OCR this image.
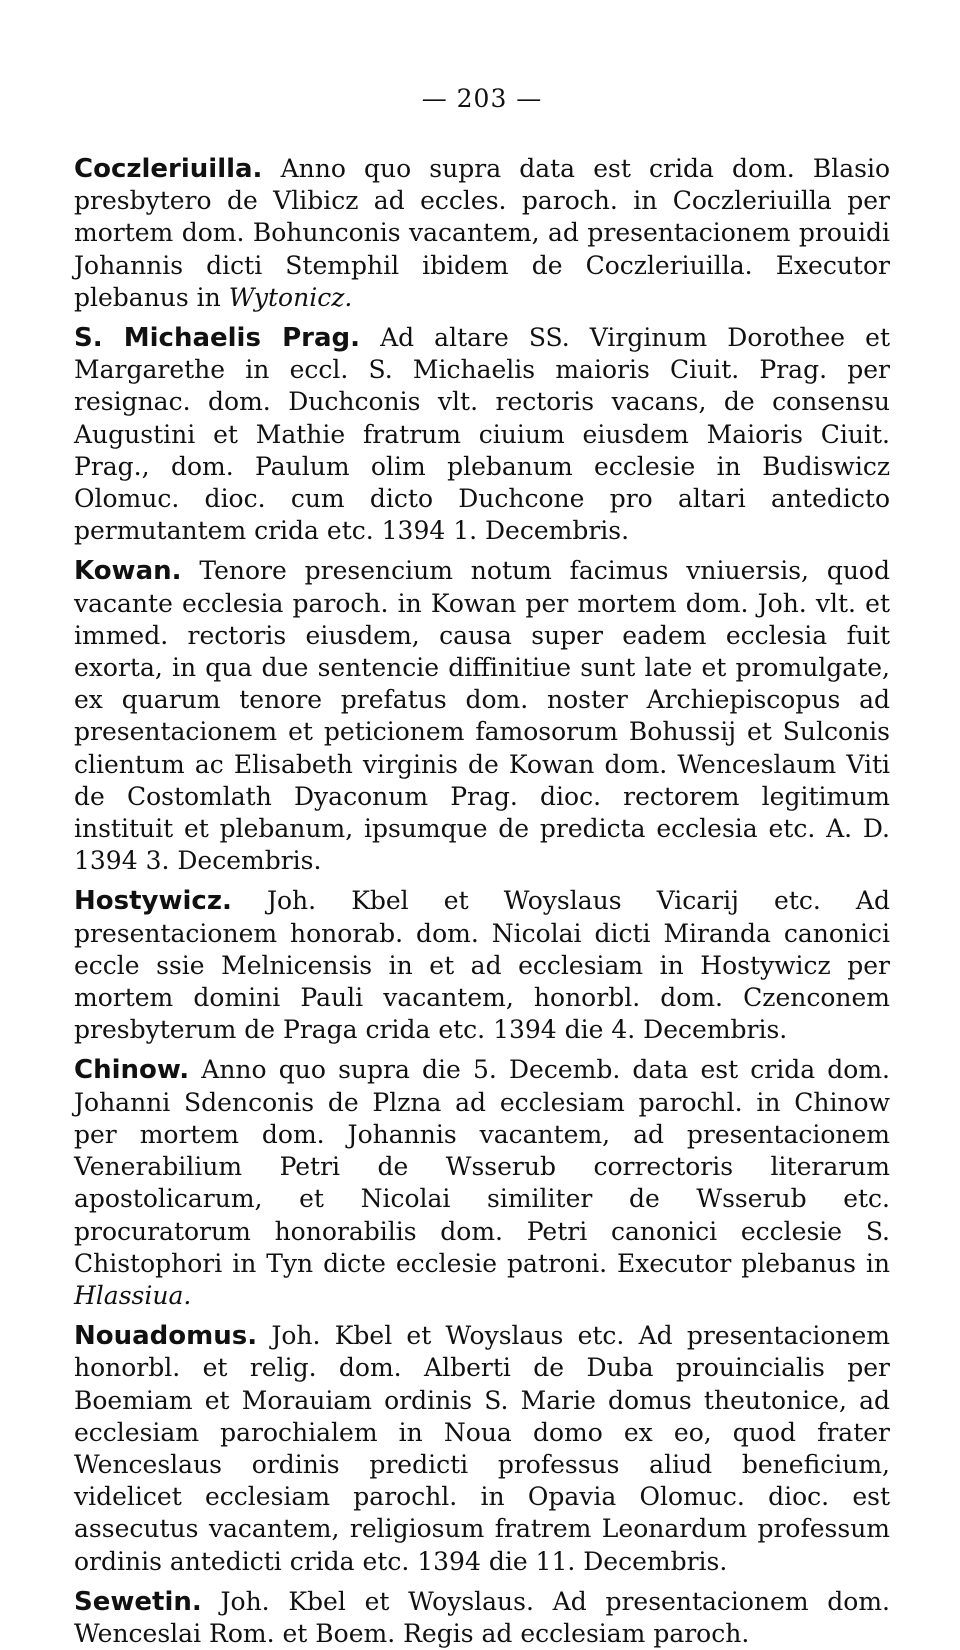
— 203 —
Coczleriuilla. Anno quo supra data est crida dom. Blasio presbytero de Vlibicz ad eccles. paroch. in Coczleriuilla per mortem dom. Bohunconis vacantem, ad presentacionem prouidi Johannis dicti Stemphil ibidem de Coczleriuilla. Executor plebanus in Wytonicz.
S. Michaelis Prag. Ad altare SS. Virginum Dorothee et Margarethe in eccl. S. Michaelis maioris Ciuit. Prag. per resignac. dom. Duchconis vlt. rectoris vacans, de consensu Augustini et Mathie fratrum ciuium eiusdem Maioris Ciuit. Prag., dom. Paulum olim plebanum ecclesie in Budiswicz Olomuc. dioc. cum dicto Duchcone pro altari antedicto permutantem crida etc. 1394 1. Decembris.
Kowan. Tenore presencium notum facimus vniuersis, quod vacante ecclesia paroch. in Kowan per mortem dom. Joh. vlt. et immed. rectoris eiusdem, causa super eadem ecclesia fuit exorta, in qua due sentencie diffinitiue sunt late et promulgate, ex quarum tenore prefatus dom. noster Archiepiscopus ad presentacionem et peticionem famosorum Bohussij et Sulconis clientum ac Elisabeth virginis de Kowan dom. Wenceslaum Viti de Costomlath Dyaconum Prag. dioc. rectorem legitimum instituit et plebanum, ipsumque de predicta ecclesia etc. A. D. 1394 3. Decembris.
Hostywicz. Joh. Kbel et Woyslaus Vicarij etc. Ad presentacionem honorab. dom. Nicolai dicti Miranda canonici eccle ssie Melnicensis in et ad ecclesiam in Hostywicz per mortem domini Pauli vacantem, honorbl. dom. Czenconem presbyterum de Praga crida etc. 1394 die 4. Decembris.
Chinow. Anno quo supra die 5. Decemb. data est crida dom. Johanni Sdenconis de Plzna ad ecclesiam parochl. in Chinow per mortem dom. Johannis vacantem, ad presentacionem Venerabilium Petri de Wsserub correctoris literarum apostolicarum, et Nicolai similiter de Wsserub etc. procuratorum honorabilis dom. Petri canonici ecclesie S. Chistophori in Tyn dicte ecclesie patroni. Executor plebanus in Hlassiua.
Nouadomus. Joh. Kbel et Woyslaus etc. Ad presentacionem honorbl. et relig. dom. Alberti de Duba prouincialis per Boemiam et Morauiam ordinis S. Marie domus theutonice, ad ecclesiam parochialem in Noua domo ex eo, quod frater Wenceslaus ordinis predicti professus aliud beneficium, videlicet ecclesiam parochl. in Opavia Olomuc. dioc. est assecutus vacantem, religiosum fratrem Leonardum professum ordinis antedicti crida etc. 1394 die 11. Decembris.
Sewetin. Joh. Kbel et Woyslaus. Ad presentacionem dom. Wenceslai Rom. et Boem. Regis ad ecclesiam paroch.
